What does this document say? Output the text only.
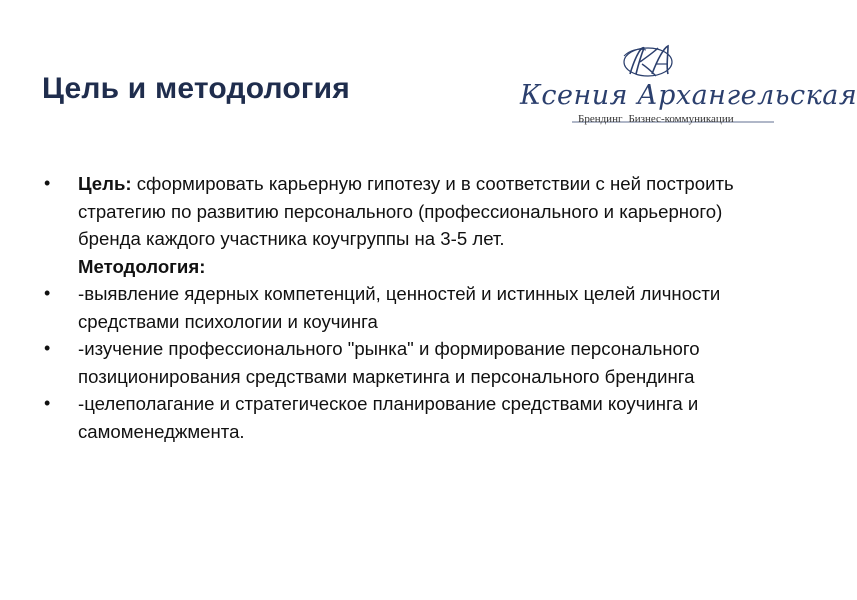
Цель и методология	Ксения Архангельская
Брендинг Бизнес-коммуникации
• Цель: сформировать карьерную гипотезу и в соответствии с ней построить стратегию по развитию персонального (профессионального и карьерного) бренда каждого участника коучгруппы на 3-5 лет.
Методология:
• -выявление ядерных компетенций, ценностей и истинных целей личности средствами психологии и коучинга
• -изучение профессионального "рынка" и формирование персонального позиционирования средствами маркетинга и персонального брендинга
• -целеполагание и стратегическое планирование средствами коучинга и самоменеджмента.
